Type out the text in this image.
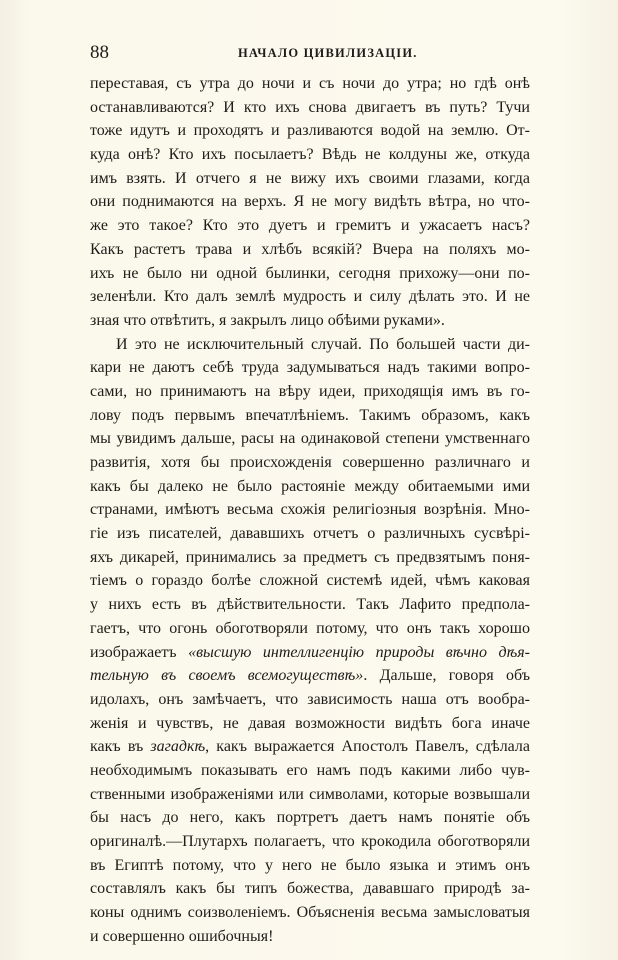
88	НАЧАЛО ЦИВИЛИЗАЦІИ.
переставая, съ утра до ночи и съ ночи до утра; но гдѣ онѣ
останавливаются? И кто ихъ снова двигаетъ въ путь? Тучи
тоже идутъ и проходятъ и разливаются водой на землю. От-
куда онѣ? Кто ихъ посылаетъ? Вѣдь не колдуны же, откуда
имъ взять. И отчего я не вижу ихъ своими глазами, когда
они поднимаются на верхъ. Я не могу видѣть вѣтра, но что-
же это такое? Кто это дуетъ и гремитъ и ужасаетъ насъ?
Какъ растетъ трава и хлѣбъ всякій? Вчера на поляхъ мо-
ихъ не было ни одной былинки, сегодня прихожу—они по-
зеленѣли. Кто далъ землѣ мудрость и силу дѣлать это. И не
зная что отвѣтить, я закрылъ лицо обѣими руками».
И это не исключительный случай. По большей части ди-
кари не даютъ себѣ труда задумываться надъ такими вопро-
сами, но принимаютъ на вѣру идеи, приходящія имъ въ го-
лову подъ первымъ впечатлѣніемъ. Такимъ образомъ, какъ
мы увидимъ дальше, расы на одинаковой степени умственнаго
развитія, хотя бы происхожденія совершенно различнаго и
какъ бы далеко не было растояніе между обитаемыми ими
странами, имѣютъ весьма схожія религіозныя возрѣнія. Мно-
гіе изъ писателей, дававшихъ отчетъ о различныхъ сусвѣрі-
яхъ дикарей, принимались за предметъ съ предвзятымъ поня-
тіемъ о гораздо болѣе сложной системѣ идей, чѣмъ каковая
у нихъ есть въ дѣйствительности. Такъ Лафито предпола-
гаетъ, что огонь обоготворяли потому, что онъ такъ хорошо
изображаетъ «высшую интеллигенцію природы вѣчно дѣя-
тельную въ своемъ всемогуществѣ». Дальше, говоря объ
идолахъ, онъ замѣчаетъ, что зависимость наша отъ вообра-
женія и чувствъ, не давая возможности видѣть бога иначе
какъ въ загадкѣ, какъ выражается Апостолъ Павелъ, сдѣлала
необходимымъ показывать его намъ подъ какими либо чув-
ственными изображеніями или символами, которые возвышали
бы насъ до него, какъ портретъ даетъ намъ понятіе объ
оригиналѣ.—Плутархъ полагаетъ, что крокодила обоготворяли
въ Египтѣ потому, что у него не было языка и этимъ онъ
составлялъ какъ бы типъ божества, дававшаго природѣ за-
коны однимъ соизволеніемъ. Объясненія весьма замысловатыя
и совершенно ошибочныя!
